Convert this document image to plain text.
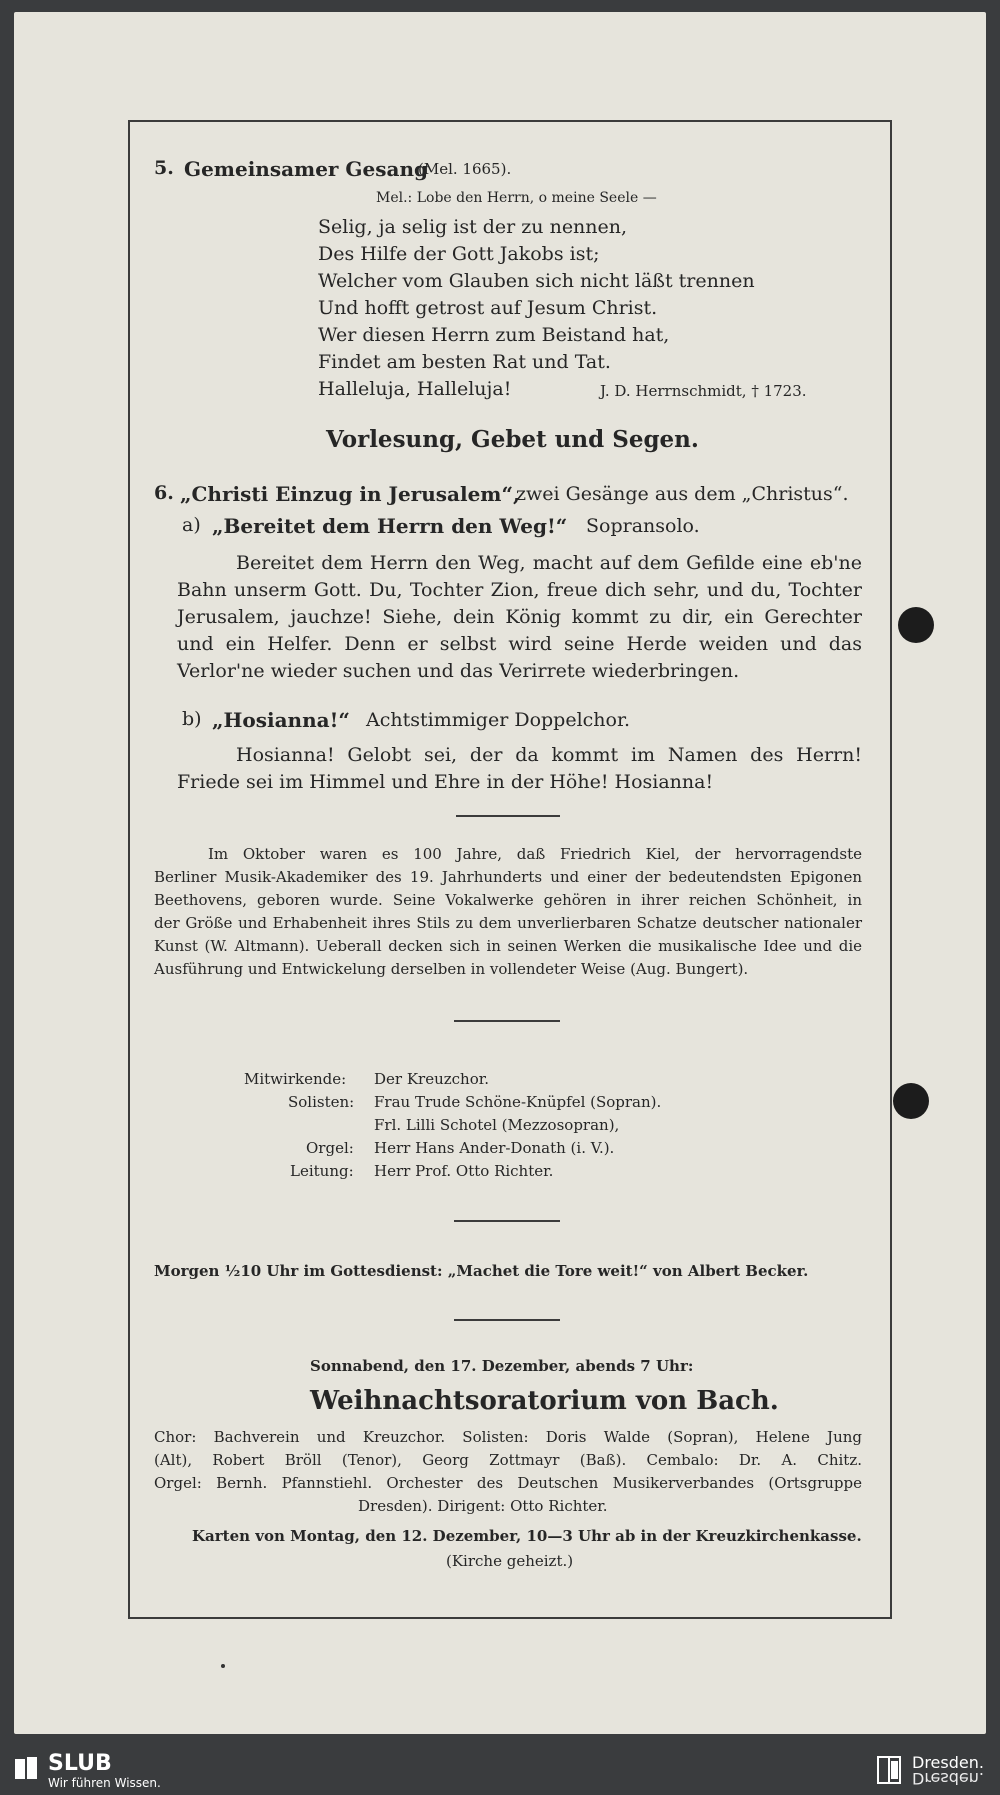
5. Gemeinsamer Gesang
(Mel. 1665).
Mel.: Lobe den Herrn, o meine Seele —
Selig, ja selig ist der zu nennen,
Des Hilfe der Gott Jakobs ist;
Welcher vom Glauben sich nicht läßt trennen
Und hofft getrost auf Jesum Christ.
Wer diesen Herrn zum Beistand hat,
Findet am besten Rat und Tat.
Halleluja, Halleluja!	J. D. Herrnschmidt, † 1723.
Vorlesung, Gebet und Segen.
6. „Christi Einzug in Jerusalem“,
zwei Gesänge aus dem „Christus“.
a) „Bereitet dem Herrn den Weg!“ Sopransolo.
Bereitet dem Herrn den Weg, macht auf dem Gefilde eine eb'ne
Bahn unserm Gott. Du, Tochter Zion, freue dich sehr, und du, Tochter
Jerusalem, jauchze! Siehe, dein König kommt zu dir, ein Gerechter
und ein Helfer. Denn er selbst wird seine Herde weiden und das
Verlor'ne wieder suchen und das Verirrete wiederbringen.
b) „Hosianna!“ Achtstimmiger Doppelchor.
Hosianna! Gelobt sei, der da kommt im Namen des Herrn!
Friede sei im Himmel und Ehre in der Höhe! Hosianna!
Im Oktober waren es 100 Jahre, daß Friedrich Kiel, der hervorragendste
Berliner Musik-Akademiker des 19. Jahrhunderts und einer der bedeutendsten Epigonen
Beethovens, geboren wurde. Seine Vokalwerke gehören in ihrer reichen Schönheit, in
der Größe und Erhabenheit ihres Stils zu dem unverlierbaren Schatze deutscher nationaler
Kunst (W. Altmann). Ueberall decken sich in seinen Werken die musikalische Idee und die
Ausführung und Entwickelung derselben in vollendeter Weise (Aug. Bungert).
Mitwirkende: Der Kreuzchor.
Solisten: Frau Trude Schöne-Knüpfel (Sopran).
Frl. Lilli Schotel (Mezzosopran),
Orgel: Herr Hans Ander-Donath (i. V.).
Leitung: Herr Prof. Otto Richter.
Morgen ½10 Uhr im Gottesdienst: „Machet die Tore weit!“ von Albert Becker.
Sonnabend, den 17. Dezember, abends 7 Uhr:
Weihnachtsoratorium von Bach.
Chor: Bachverein und Kreuzchor. Solisten: Doris Walde (Sopran), Helene Jung
(Alt), Robert Bröll (Tenor), Georg Zottmayr (Baß). Cembalo: Dr. A. Chitz.
Orgel: Bernh. Pfannstiehl. Orchester des Deutschen Musikerverbandes (Ortsgruppe
Dresden). Dirigent: Otto Richter.
Karten von Montag, den 12. Dezember, 10—3 Uhr ab in der Kreuzkirchenkasse.
(Kirche geheizt.)
SLUB
Wir führen Wissen.
Dresden.
Dresden.
